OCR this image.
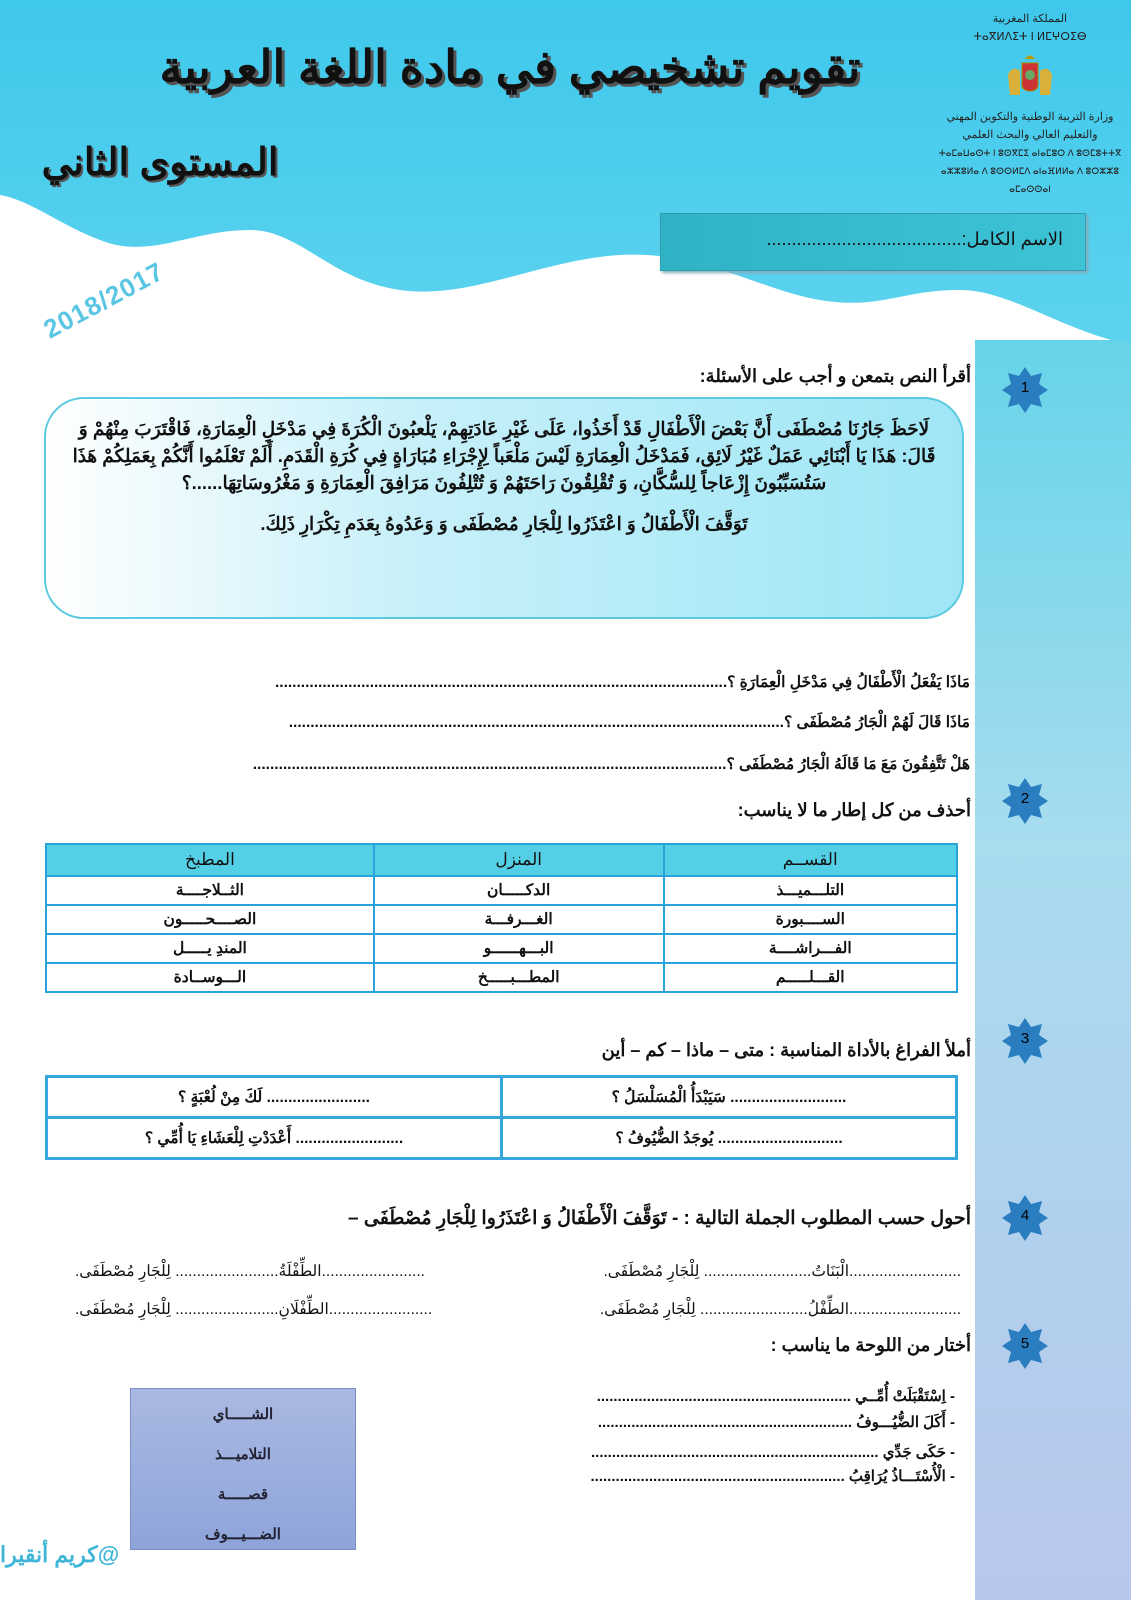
تقويم تشخيصي في مادة اللغة العربية
المستوى الثاني
المملكة المغربية
ⵜⴰⴳⵍⴷⵉⵜ ⵏ ⵍⵎⵖⵔⵉⴱ
وزارة التربية الوطنية والتكوين المهني
والتعليم العالي والبحث العلمي
ⵜⴰⵎⴰⵡⴰⵙⵜ ⵏ ⵓⵙⴳⵎⵉ ⴰⵏⴰⵎⵓⵔ ⴷ ⵓⵙⵎⵓⵜⵜⴳ
ⴰⵣⵣⵓⵍⴰ ⴷ ⵓⵙⵙⵍⵎⴷ ⴰⵏⴰⴼⵍⵍⴰ ⴷ ⵓⵔⵣⵣⵓ ⴰⵎⴰⵙⵙⴰⵏ
الاسم الكامل:.......................................
2018/2017
1
2
3
4
5
أقرأ النص بتمعن و أجب على الأسئلة:

لَاحَظَ جَارُنَا مُصْطَفَى أَنَّ بَعْضَ الْأَطْفَالِ قَدْ أَخَذُوا، عَلَى غَيْرِ عَادَتِهِمْ، يَلْعبُونَ الْكُرَةَ فِي مَدْخَلِ الْعِمَارَةِ، فَاقْتَرَبَ مِنْهُمْ وَ قَالَ: هَذَا يَا أَبْنَائِي عَمَلٌ غَيْرُ لَائِق، فَمَدْخَلُ الْعِمَارَةِ لَيْسَ مَلْعَباً لِإِجْرَاءِ مُبَارَاةٍ فِي كُرَةِ الْقَدَمِ. أَلَمْ تَعْلَمُوا أَنَّكُمْ بِعَمَلِكُمْ هَذَا سَتُسَبِّبُونَ إِزْعَاجاً لِلسُّكَّانِ، وَ تُقْلِقُونَ رَاحَتَهُمْ وَ تُتْلِفُونَ مَرَافِقَ الْعِمَارَةِ وَ مَغْرُوسَاتِهَا......؟

تَوَقَّفَ الْأَطْفَالُ وَ اعْتَذَرُوا لِلْجَارِ مُصْطَفَى وَ وَعَدُوهُ بِعَدَمِ تِكْرَارِ ذَلِكَ.

مَاذَا يَفْعَلُ الْأَطْفَالُ فِي مَدْخَلِ الْعِمَارَةِ ؟.........................................................................................................
مَاذَا قَالَ لَهُمْ الْجَارُ مُصْطَفَى ؟...................................................................................................................
هَلْ تَتَّفِقُونَ مَعَ مَا قَالَهُ الْجَارُ مُصْطَفَى ؟..............................................................................................................
أحذف من كل إطار ما لا يناسب:
القســم	المنزل	المطبخ
التلـــميـــذ	الدكـــــان	الثــلاجــــة
الســــبورة	الغـــرفـــة	الصــــحـــــون
الفـــراشــــة	البـــهــــــو	المندِ يـــــل
القـــلـــــم	المطـــبـــــخ	الـــوســادة
أملأ الفراغ بالأداة المناسبة : متى – ماذا – كم – أين
........................... سَيَبْدَأُ الْمُسَلْسَلُ ؟	........................ لَكَ مِنْ لُعْبَةٍ ؟
............................. يُوجَدُ الضُّيُوفُ ؟	......................... أَعْدَدْتِ لِلْعَشَاءِ يَا أُمِّي ؟
أحول حسب المطلوب الجملة التالية : - تَوَقَّفَ الْأَطْفَالُ وَ اعْتَذَرُوا لِلْجَارِ مُصْطَفَى –
..........................الْبَنَاتُ......................... لِلْجَارِ مُصْطَفَى.
........................الطِّفْلَةُ........................ لِلْجَارِ مُصْطَفَى.
..........................الطِّفْلُ......................... لِلْجَارِ مُصْطَفَى.
........................الطِّفْلَانِ........................ لِلْجَارِ مُصْطَفَى.
أختار من اللوحة ما يناسب :
الشـــــاي
التلاميـــذ
قصـــــة
الضـــيـــوف
- اِسْتَقْبَلَتْ أُمِّــي .............................................................
- أَكَلَ الضُّيُـــوفُ .............................................................
- حَكَى جَدِّي .....................................................................
- الْأُسْتَـــاذُ يُرَاقِبُ .............................................................
@كريم أنقيرا
